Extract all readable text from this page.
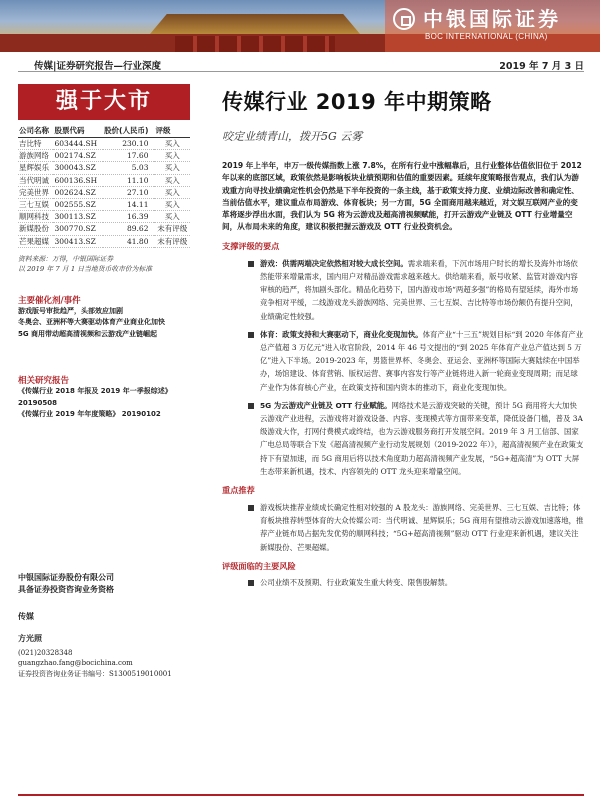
中银国际证券
BOC INTERNATIONAL (CHINA)
传媒|证券研究报告—行业深度	2019 年 7 月 3 日
强于大市
公司名称	股票代码	股价(人民币)	评级
吉比特	603444.SH	230.10	买入
游族网络	002174.SZ	17.60	买入
星辉娱乐	300043.SZ	5.03	买入
当代明诚	600136.SH	11.10	买入
完美世界	002624.SZ	27.10	买入
三七互娱	002555.SZ	14.11	买入
顺网科技	300113.SZ	16.39	买入
新媒股份	300770.SZ	89.62	未有评级
芒果超媒	300413.SZ	41.80	未有评级
资料来源：万得，中银国际证券
以 2019 年 7 月 1 日当地货币收市价为标准
主要催化剂/事件
游戏版号审批趋严，头部效应加剧
冬奥会、亚洲杯等大赛驱动体育产业商业化加快
5G 商用带动超高清视频和云游戏产业链崛起
相关研究报告
《传媒行业 2018 年报及 2019 年一季报综述》
20190508
《传媒行业 2019 年年度策略》 20190102
中银国际证券股份有限公司
具备证券投资咨询业务资格
传媒
方光照
(021)20328348
guangzhao.fang@bocichina.com
证券投资咨询业务证书编号：S1300519010001
传媒行业 2019 年中期策略
咬定业绩青山，拨开5G 云雾
2019 年上半年，申万一级传媒指数上涨 7.8%，在所有行业中涨幅靠后，且行业整体估值依旧位于 2012 年以来的底部区域，政策依然是影响板块业绩预期和估值的重要因素。延续年度策略报告观点，我们认为游戏重方向寻找业绩确定性机会仍然是下半年投资的一条主线，基于政策支持力度、业绩边际改善和确定性、当前估值水平，建议重点布局游戏、体育板块；另一方面，5G 全面商用越来越近，对文娱互联网产业的变革将逐步浮出水面，我们认为 5G 将为云游戏及超高清视频赋能，打开云游戏产业链及 OTT 行业增量空间，从布局未来的角度，建议积极把握云游戏及 OTT 行业投资机会。
支撑评级的要点
游戏：供需两端决定依然相对较大成长空间。需求端来看，下沉市场用户时长的增长及海外市场依然能带来增量需求，国内用户对精品游戏需求越来越大。供给端来看，版号收紧、监管对游戏内容审核的趋严，将加剧头部化。精品化趋势下，国内游戏市场“两超多强”的格局有望延续，海外市场竞争相对平缓，二线游戏龙头游族网络、完美世界、三七互娱、吉比特等市场份额仍有提升空间，业绩确定性较强。
体育：政策支持和大赛驱动下，商业化变现加快。体育产业“十三五”规划目标“到 2020 年体育产业总产值超 3 万亿元”进入收官阶段，2014 年 46 号文提出的“到 2025 年体育产业总产值达到 5 万亿”进入下半场。2019-2023 年，男篮世界杯、冬奥会、亚运会、亚洲杯等国际大赛陆续在中国举办，场馆建设、体育营销、版权运营、赛事内容发行等产业链将进入新一轮商业变现周期；而足球产业作为体育核心产业，在政策支持和国内资本的推动下，商业化变现加快。
5G 为云游戏产业链及 OTT 行业赋能。网络技术是云游戏突破的关键，预计 5G 商用将大大加快云游戏产业进程，云游戏将对游戏设备、内容、变现模式等方面带来变革，降低设备门槛，普及 3A 级游戏大作，打网付费模式或终结，也为云游戏服务商打开发展空间。2019 年 3 月工信部、国家广电总局等联合下发《超高清视频产业行动发展规划（2019-2022 年）》，超高清视频产业在政策支持下有望加速，而 5G 商用后将以技术角度助力超高清视频产业发展，“5G+超高清”为 OTT 大屏生态带来新机遇，技术、内容领先的 OTT 龙头迎来增量空间。
重点推荐
游戏板块推荐业绩成长确定性相对较强的 A 股龙头：游族网络、完美世界、三七互娱、吉比特；体育板块推荐转型体育的大众传媒公司：当代明诚、星辉娱乐；5G 商用有望推动云游戏加速落地，推荐产业链布局占据先发优势的顺网科技；“5G+超高清视频”驱动 OTT 行业迎来新机遇，建议关注新媒股份、芒果超媒。
评级面临的主要风险
公司业绩不及预期、行业政策发生重大转变、限售股解禁。
